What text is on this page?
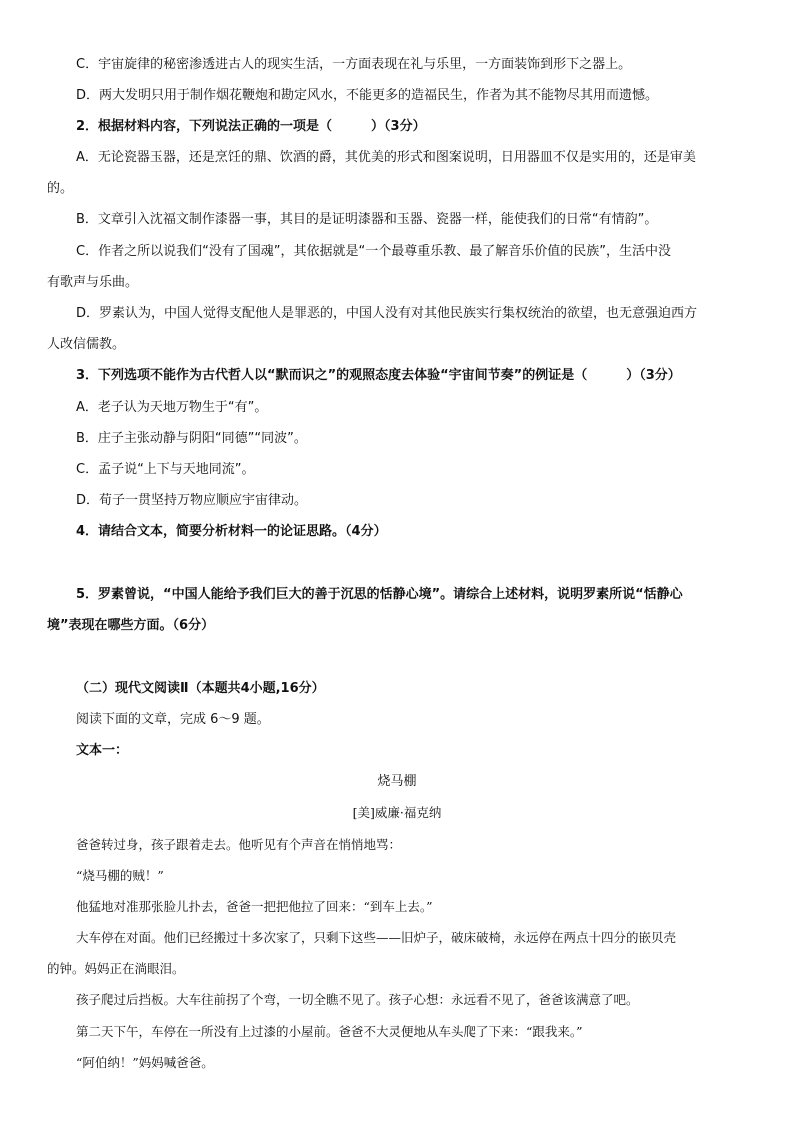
C．宇宙旋律的秘密渗透进古人的现实生活，一方面表现在礼与乐里，一方面装饰到形下之器上。
D．两大发明只用于制作烟花鞭炮和勘定风水，不能更多的造福民生，作者为其不能物尽其用而遗憾。
2．根据材料内容，下列说法正确的一项是（　　　）（3分）
A．无论瓷器玉器，还是烹饪的鼎、饮酒的爵，其优美的形式和图案说明，日用器皿不仅是实用的，还是审美
的。
B．文章引入沈福文制作漆器一事，其目的是证明漆器和玉器、瓷器一样，能使我们的日常“有情韵”。
C．作者之所以说我们“没有了国魂”，其依据就是“一个最尊重乐教、最了解音乐价值的民族”，生活中没
有歌声与乐曲。
D．罗素认为，中国人觉得支配他人是罪恶的，中国人没有对其他民族实行集权统治的欲望，也无意强迫西方
人改信儒教。
3．下列选项不能作为古代哲人以“默而识之”的观照态度去体验“宇宙间节奏”的例证是（　　　）（3分）
A．老子认为天地万物生于“有”。
B．庄子主张动静与阴阳“同德”“同波”。
C．孟子说“上下与天地同流”。
D．荀子一贯坚持万物应顺应宇宙律动。
4．请结合文本，简要分析材料一的论证思路。（4分）
5．罗素曾说，“中国人能给予我们巨大的善于沉思的恬静心境”。请综合上述材料，说明罗素所说“恬静心
境”表现在哪些方面。（6分）
（二）现代文阅读Ⅱ（本题共4小题,16分）
阅读下面的文章，完成 6～9 题。
文本一：
烧马棚
[美]威廉·福克纳
爸爸转过身，孩子跟着走去。他听见有个声音在悄悄地骂：
“烧马棚的贼！”
他猛地对准那张脸儿扑去，爸爸一把把他拉了回来：“到车上去。”
大车停在对面。他们已经搬过十多次家了，只剩下这些——旧炉子，破床破椅，永远停在两点十四分的嵌贝壳
的钟。妈妈正在淌眼泪。
孩子爬过后挡板。大车往前拐了个弯，一切全瞧不见了。孩子心想：永远看不见了，爸爸该满意了吧。
第二天下午，车停在一所没有上过漆的小屋前。爸爸不大灵便地从车头爬了下来：“跟我来。”
“阿伯纳！”妈妈喊爸爸。
